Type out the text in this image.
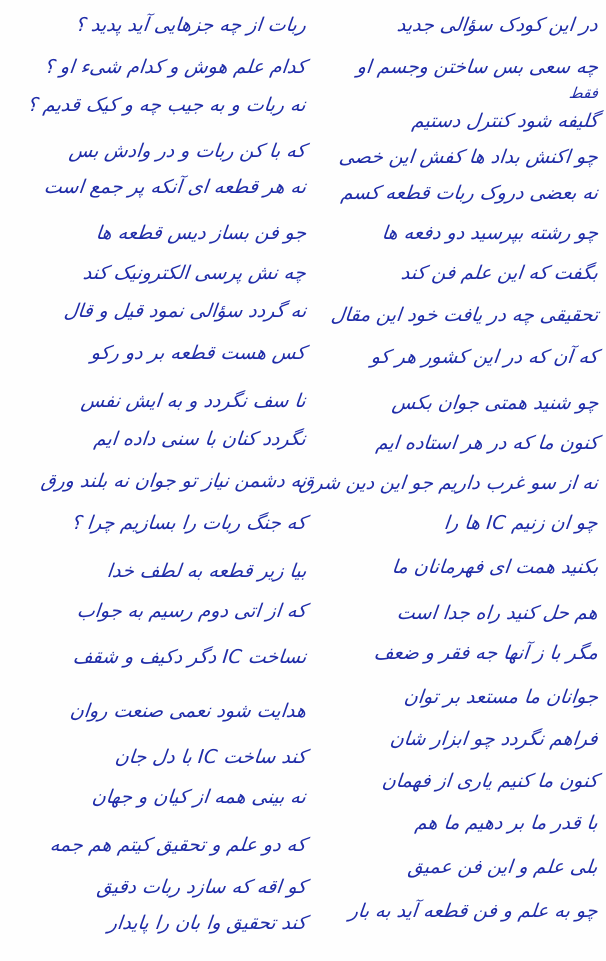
در این کودک سؤالی جدید
چه سعی بس ساختن وجسم او
فقط
گلیفه شود کنترل دستیم
چو اکنش بداد ها کفش این خصی
نه بعضی دروک ربات قطعه کسم
چو رشته بپرسید دو دفعه ها
بگفت که این علم فن کند
تحقیقی چه در یافت خود این مقال
که آن که در این کشور هر کو
چو شنید همتی جوان بکس
کنون ما که در هر استاده ایم
نه از سو غرب داریم جو این دین شرق
چو ان زنیم IC ها را
بکنید همت ای فهرمانان ما
هم حل کنید راه جدا است
مگر با ز آنها جه فقر و ضعف
جوانان ما مستعد بر توان
فراهم نگردد چو ابزار شان
کنون ما کنیم یاری از فهمان
با قدر ما بر دهیم ما هم
بلی علم و این فن عمیق
چو به علم و فن قطعه آید به بار
ربات از چه جزهایی آید پدید ؟
کدام علم هوش و کدام شیء او ؟
نه ربات و به جیب چه و کیک قدیم ؟
که با کن ربات و در وادش بس
نه هر قطعه ای آنکه پر جمع است
جو فن بساز دیس قطعه ها
چه نش پرسی الکترونیک کند
نه گردد سؤالی نمود قیل و قال
کس هست قطعه بر دو رکو
نا سف نگردد و به ایش نفس
نگردد کنان با سنی داده ایم
نه دشمن نیاز تو جوان نه بلند ورق
که جنگ ربات را بسازیم چرا ؟
بیا زیر قطعه به لطف خدا
که از اتی دوم رسیم به جواب
نساخت IC دگر دکیف و شقف
هدایت شود نعمی صنعت روان
کند ساخت IC با دل جان
نه بینی همه از کیان و جهان
که دو علم و تحقیق کیتم هم جمه
کو اقه که سازد ربات دقیق
کند تحقیق وا بان را پایدار
